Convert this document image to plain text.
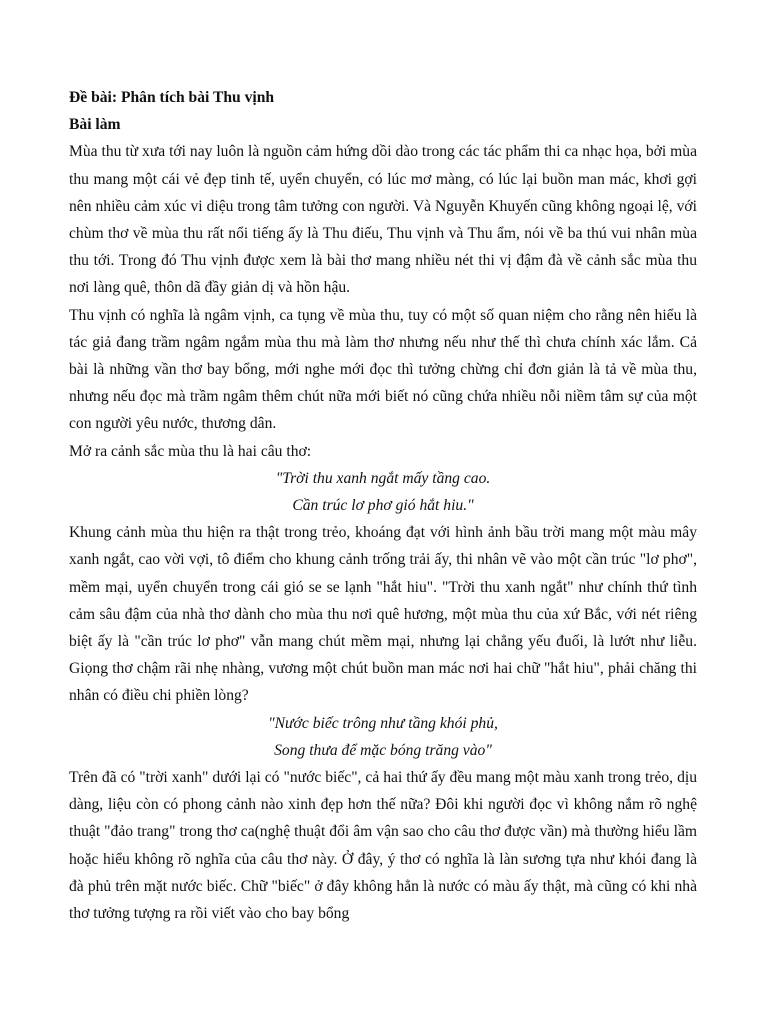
Đề bài: Phân tích bài Thu vịnh

Bài làm

Mùa thu từ xưa tới nay luôn là nguồn cảm hứng dồi dào trong các tác phẩm thi ca nhạc họa, bởi mùa thu mang một cái vẻ đẹp tinh tế, uyển chuyển, có lúc mơ màng, có lúc lại buồn man mác, khơi gợi nên nhiều cảm xúc vi diệu trong tâm tưởng con người. Và Nguyễn Khuyến cũng không ngoại lệ, với chùm thơ về mùa thu rất nổi tiếng ấy là Thu điếu, Thu vịnh và Thu ẩm, nói về ba thú vui nhân mùa thu tới. Trong đó Thu vịnh được xem là bài thơ mang nhiều nét thi vị đậm đà về cảnh sắc mùa thu nơi làng quê, thôn dã đầy giản dị và hồn hậu.

Thu vịnh có nghĩa là ngâm vịnh, ca tụng về mùa thu, tuy có một số quan niệm cho rằng nên hiểu là tác giả đang trầm ngâm ngắm mùa thu mà làm thơ nhưng nếu như thế thì chưa chính xác lắm. Cả bài là những vần thơ bay bổng, mới nghe mới đọc thì tưởng chừng chỉ đơn giản là tả về mùa thu, nhưng nếu đọc mà trầm ngâm thêm chút nữa mới biết nó cũng chứa nhiều nỗi niềm tâm sự của một con người yêu nước, thương dân.

Mở ra cảnh sắc mùa thu là hai câu thơ:

"Trời thu xanh ngắt mấy tầng cao.

Cần trúc lơ phơ gió hắt hiu."

Khung cảnh mùa thu hiện ra thật trong trẻo, khoáng đạt với hình ảnh bầu trời mang một màu mây xanh ngắt, cao vời vợi, tô điểm cho khung cảnh trống trải ấy, thi nhân vẽ vào một cần trúc "lơ phơ", mềm mại, uyển chuyển trong cái gió se se lạnh "hắt hiu". "Trời thu xanh ngắt" như chính thứ tình cảm sâu đậm của nhà thơ dành cho mùa thu nơi quê hương, một mùa thu của xứ Bắc, với nét riêng biệt ấy là "cần trúc lơ phơ" vẫn mang chút mềm mại, nhưng lại chẳng yếu đuối, là lướt như liễu. Giọng thơ chậm rãi nhẹ nhàng, vương một chút buồn man mác nơi hai chữ "hắt hiu", phải chăng thi nhân có điều chi phiền lòng?

"Nước biếc trông như tầng khói phủ,

Song thưa để mặc bóng trăng vào"

Trên đã có "trời xanh" dưới lại có "nước biếc", cả hai thứ ấy đều mang một màu xanh trong trẻo, dịu dàng, liệu còn có phong cảnh nào xinh đẹp hơn thế nữa? Đôi khi người đọc vì không nắm rõ nghệ thuật "đảo trang" trong thơ ca(nghệ thuật đổi âm vận sao cho câu thơ được vần) mà thường hiểu lầm hoặc hiểu không rõ nghĩa của câu thơ này. Ở đây, ý thơ có nghĩa là làn sương tựa như khói đang là đà phủ trên mặt nước biếc. Chữ "biếc" ở đây không hẳn là nước có màu ấy thật, mà cũng có khi nhà thơ tưởng tượng ra rồi viết vào cho bay bổng
